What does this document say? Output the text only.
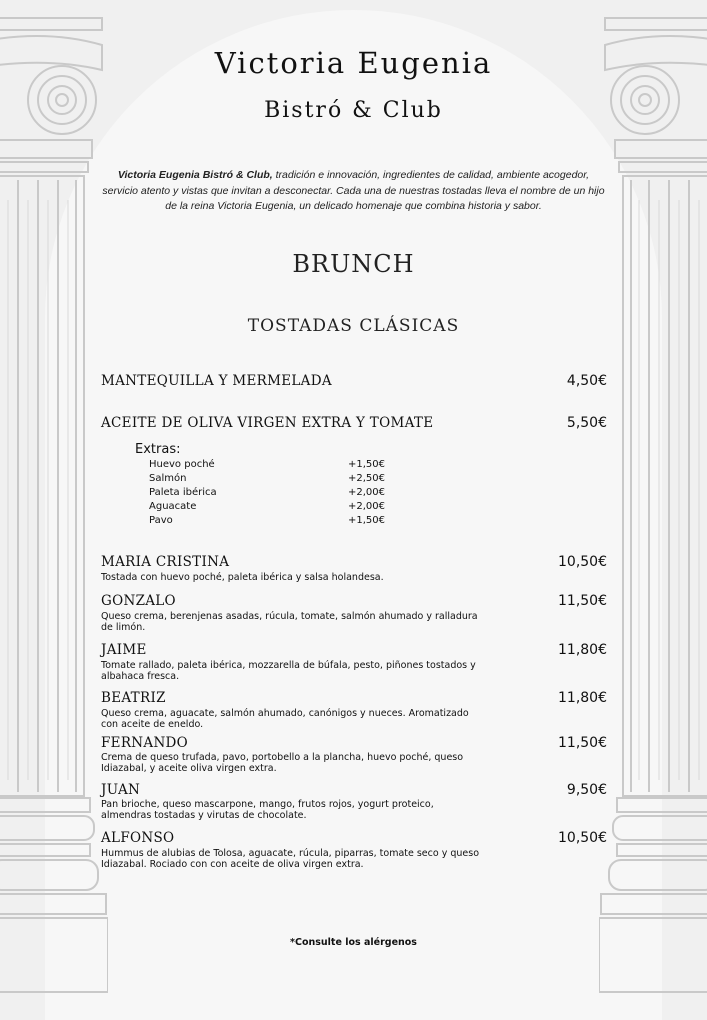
Victoria Eugenia
Bistró & Club
Victoria Eugenia Bistró & Club, tradición e innovación, ingredientes de calidad, ambiente acogedor, servicio atento y vistas que invitan a desconectar. Cada una de nuestras tostadas lleva el nombre de un hijo de la reina Victoria Eugenia, un delicado homenaje que combina historia y sabor.
BRUNCH
TOSTADAS CLÁSICAS
MANTEQUILLA Y MERMELADA	4,50€
ACEITE DE OLIVA VIRGEN EXTRA Y TOMATE	5,50€
Extras:
Huevo poché	+1,50€
Salmón	+2,50€
Paleta ibérica	+2,00€
Aguacate	+2,00€
Pavo	+1,50€
MARIA CRISTINA	10,50€
Tostada con huevo poché, paleta ibérica y salsa holandesa.
GONZALO	11,50€
Queso crema, berenjenas asadas, rúcula, tomate, salmón ahumado y ralladura de limón.
JAIME	11,80€
Tomate rallado, paleta ibérica, mozzarella de búfala, pesto, piñones tostados y albahaca fresca.
BEATRIZ	11,80€
Queso crema, aguacate, salmón ahumado, canónigos y nueces. Aromatizado con aceite de eneldo.
FERNANDO	11,50€
Crema de queso trufada, pavo, portobello a la plancha, huevo poché, queso Idiazabal, y aceite oliva virgen extra.
JUAN	9,50€
Pan brioche, queso mascarpone, mango, frutos rojos, yogurt proteico, almendras tostadas y virutas de chocolate.
ALFONSO	10,50€
Hummus de alubias de Tolosa, aguacate, rúcula, piparras, tomate seco y queso Idiazabal. Rociado con con aceite de oliva virgen extra.
*Consulte los alérgenos
